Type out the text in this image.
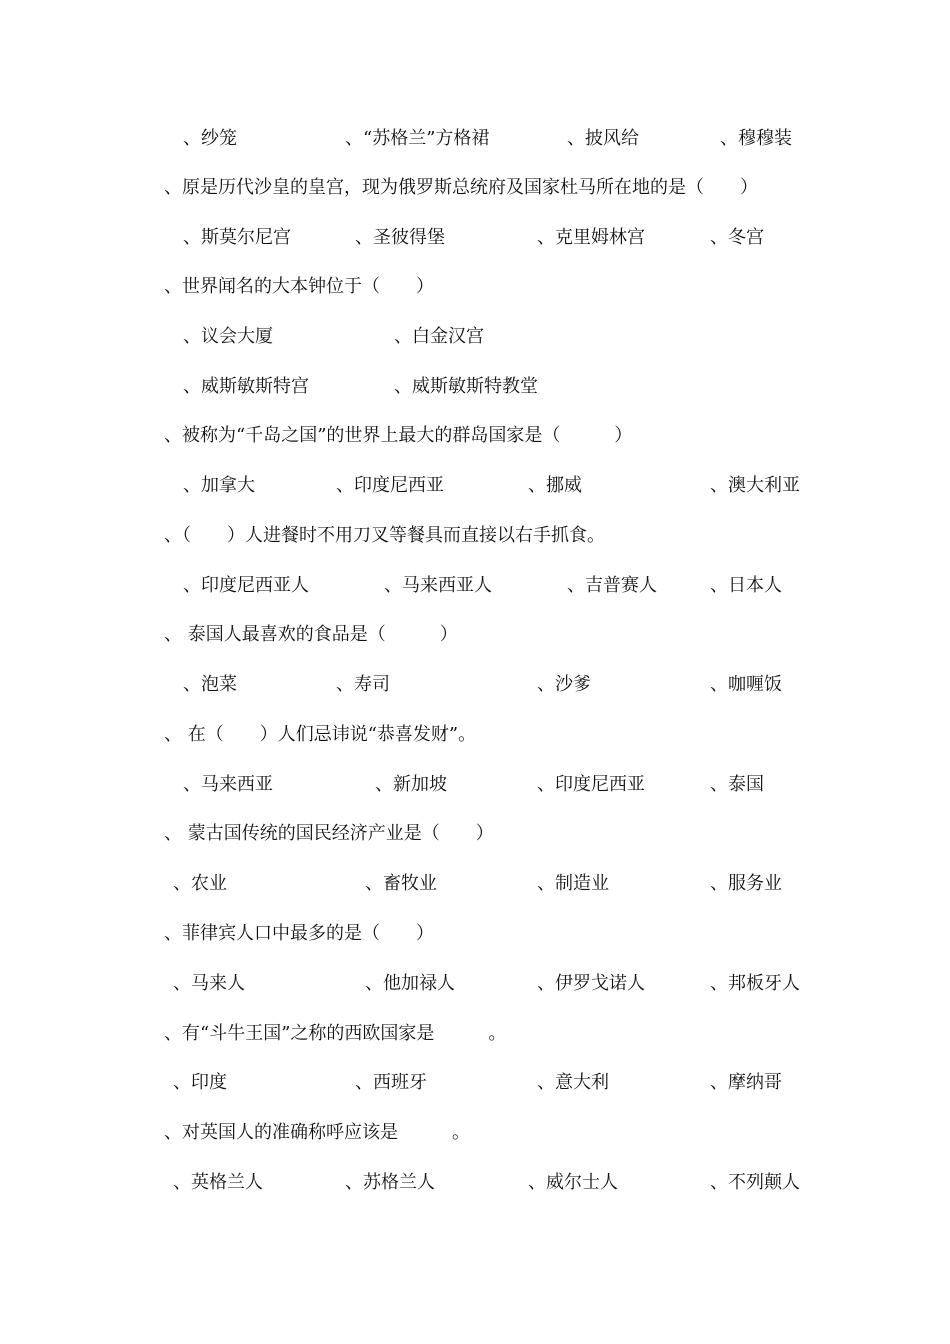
、纱笼	、“苏格兰”方格裙	、披风给	、穆穆装
、原是历代沙皇的皇宫，现为俄罗斯总统府及国家杜马所在地的是（　　）
、斯莫尔尼宫	、圣彼得堡	、克里姆林宫	、冬宫
、世界闻名的大本钟位于（　　）
、议会大厦	、白金汉宫
、威斯敏斯特宫	、威斯敏斯特教堂
、被称为“千岛之国”的世界上最大的群岛国家是（　　　）
、加拿大	、印度尼西亚	、挪威	、澳大利亚
、（　　）人进餐时不用刀叉等餐具而直接以右手抓食。
、印度尼西亚人	、马来西亚人	、吉普赛人	、日本人
、 泰国人最喜欢的食品是（　　　）
、泡菜	、寿司	、沙爹	、咖喱饭
、 在（　　）人们忌讳说“恭喜发财”。
、马来西亚	、新加坡	、印度尼西亚	、泰国
、 蒙古国传统的国民经济产业是（　　）
、农业	、畜牧业	、制造业	、服务业
、菲律宾人口中最多的是（　　）
、马来人	、他加禄人	、伊罗戈诺人	、邦板牙人
、有“斗牛王国”之称的西欧国家是　　　。
、印度	、西班牙	、意大利	、摩纳哥
、对英国人的准确称呼应该是　　　。
、英格兰人	、苏格兰人	、威尔士人	、不列颠人
